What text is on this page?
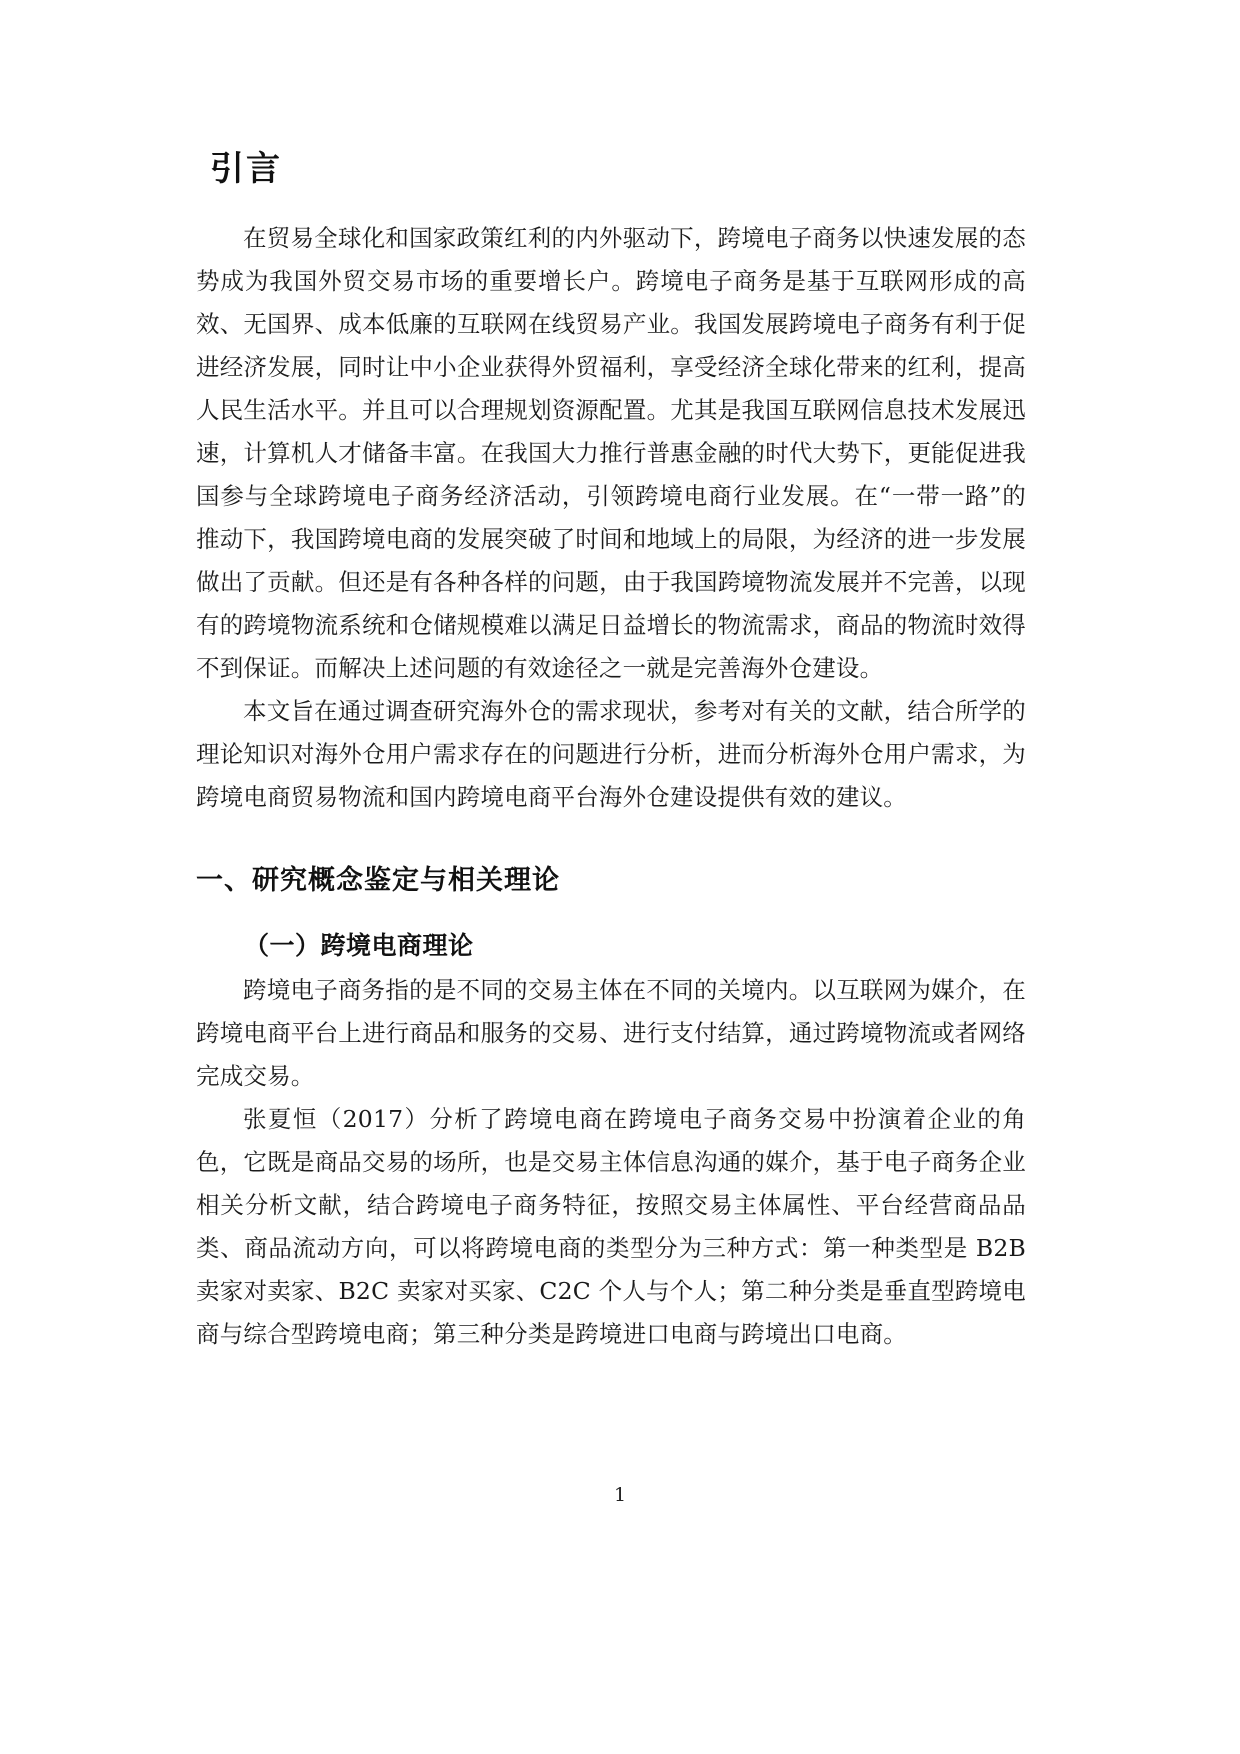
引言

在贸易全球化和国家政策红利的内外驱动下，跨境电子商务以快速发展的态势成为我国外贸交易市场的重要增长户。跨境电子商务是基于互联网形成的高效、无国界、成本低廉的互联网在线贸易产业。我国发展跨境电子商务有利于促进经济发展，同时让中小企业获得外贸福利，享受经济全球化带来的红利，提高人民生活水平。并且可以合理规划资源配置。尤其是我国互联网信息技术发展迅速，计算机人才储备丰富。在我国大力推行普惠金融的时代大势下，更能促进我国参与全球跨境电子商务经济活动，引领跨境电商行业发展。在“一带一路”的推动下，我国跨境电商的发展突破了时间和地域上的局限，为经济的进一步发展做出了贡献。但还是有各种各样的问题，由于我国跨境物流发展并不完善，以现有的跨境物流系统和仓储规模难以满足日益增长的物流需求，商品的物流时效得不到保证。而解决上述问题的有效途径之一就是完善海外仓建设。

本文旨在通过调查研究海外仓的需求现状，参考对有关的文献，结合所学的理论知识对海外仓用户需求存在的问题进行分析，进而分析海外仓用户需求，为跨境电商贸易物流和国内跨境电商平台海外仓建设提供有效的建议。

一、研究概念鉴定与相关理论
（一）跨境电商理论

跨境电子商务指的是不同的交易主体在不同的关境内。以互联网为媒介，在跨境电商平台上进行商品和服务的交易、进行支付结算，通过跨境物流或者网络完成交易。

张夏恒（2017）分析了跨境电商在跨境电子商务交易中扮演着企业的角色，它既是商品交易的场所，也是交易主体信息沟通的媒介，基于电子商务企业相关分析文献，结合跨境电子商务特征，按照交易主体属性、平台经营商品品类、商品流动方向，可以将跨境电商的类型分为三种方式：第一种类型是 B2B 卖家对卖家、B2C 卖家对买家、C2C 个人与个人；第二种分类是垂直型跨境电商与综合型跨境电商；第三种分类是跨境进口电商与跨境出口电商。

1
